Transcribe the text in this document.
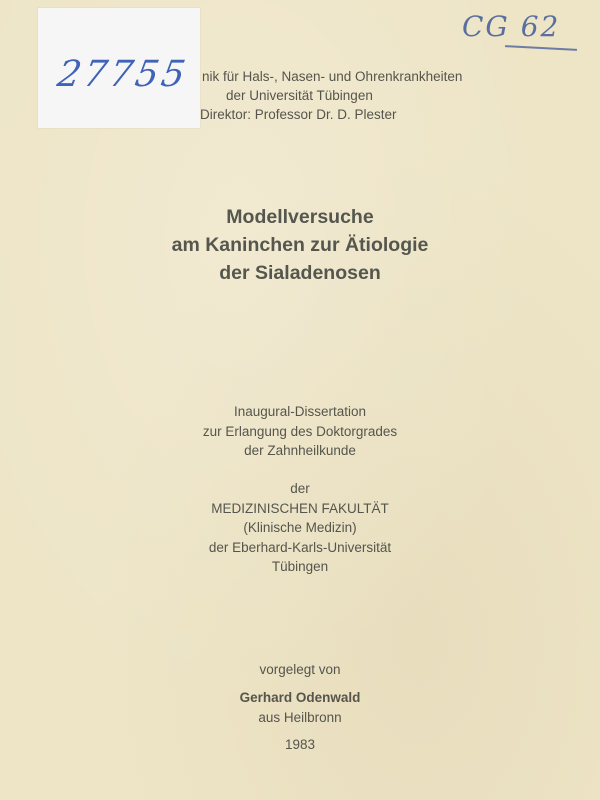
27755
CG 62
nik für Hals-, Nasen- und Ohrenkrankheiten
der Universität Tübingen
Direktor: Professor Dr. D. Plester
Modellversuche
am Kaninchen zur Ätiologie
der Sialadenosen
Inaugural-Dissertation
zur Erlangung des Doktorgrades
der Zahnheilkunde
der
MEDIZINISCHEN FAKULTÄT
(Klinische Medizin)
der Eberhard-Karls-Universität
Tübingen
vorgelegt von
Gerhard Odenwald
aus Heilbronn
1983
